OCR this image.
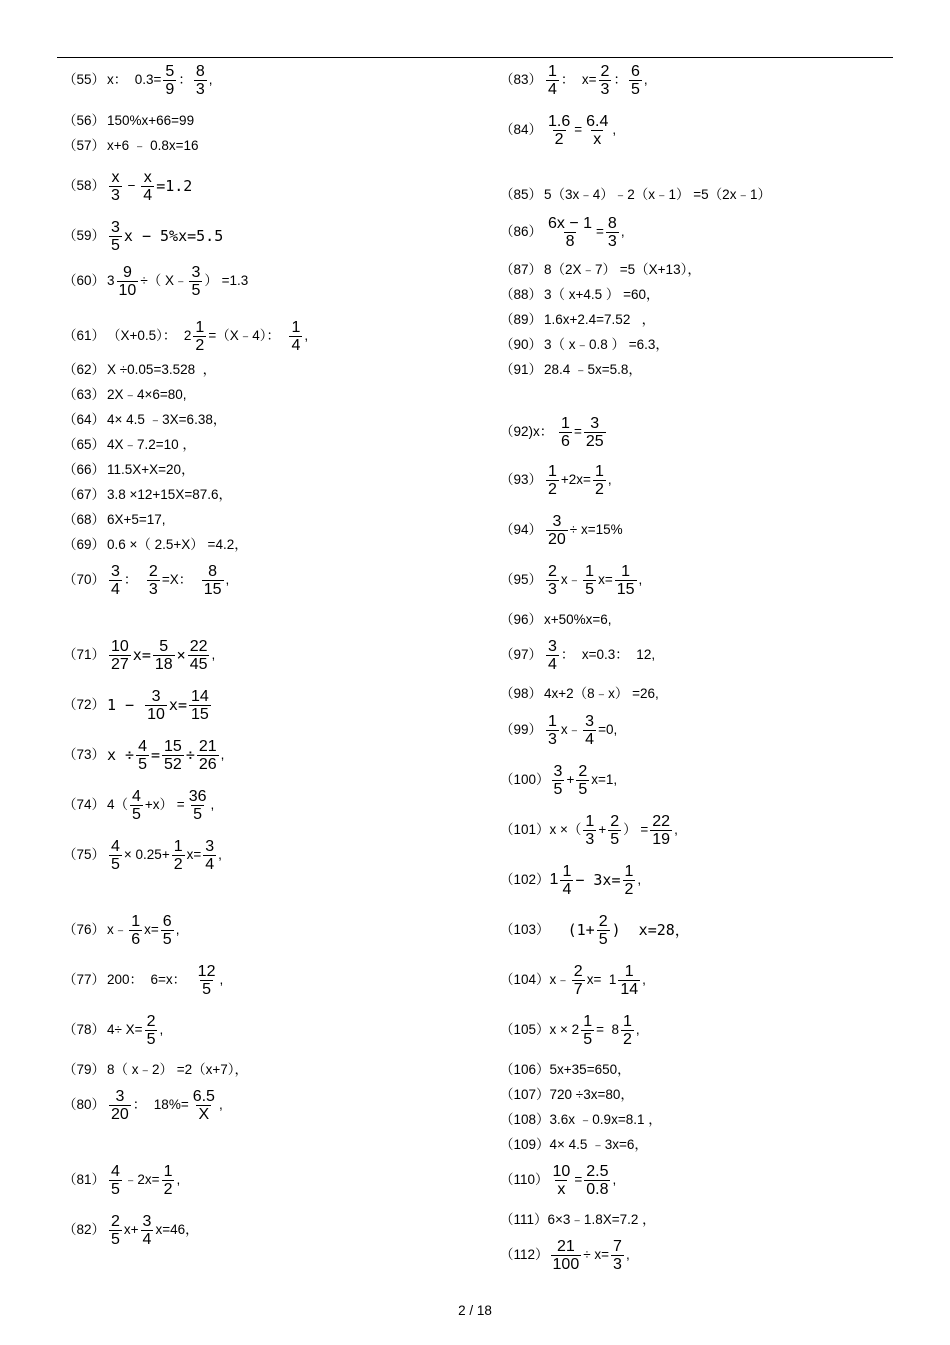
（55） x：  $0.3= \frac{5}{9}$ ： $\frac{8}{3}$ ,
（56） 150%x+66=99
（57） x+6 ﹣ 0.8x=16
$(58) \frac{x}{3} - \frac{x}{4} =1.2$
$(59) \frac{3}{5}$ x − 5%x=5.5
（60） $3 \frac{9}{10}$ ÷（ X﹣ $\frac{3}{5}$ ） =1.3
（61） （X+0.5）：  $2 \frac{1}{2}$ =（X﹣4）： $\frac{1}{4}$ ,
（62） X ÷0.05=3.528  ，
（63） 2X﹣4×6=80,
（64） 4× 4.5 ﹣3X=6.38，
（65） 4X﹣7.2=10 ，
（66） 11.5X+X=20，
（67） 3.8 ×12+15X=87.6，
（68） 6X+5=17,
（69） 0.6 ×（ 2.5+X） =4.2，
$(70) \frac{3}{4}$ ： $\frac{2}{3} =X$： $\frac{8}{15}$ ,
$(71) \frac{10}{27} x= \frac{5}{18} \times \frac{22}{45}$ ,
（72） $1 - \frac{3}{10} x= \frac{14}{15}$
（73） $x \div \frac{4}{5} = \frac{15}{52} \div \frac{21}{26}$ ,
（74） $4( \frac{4}{5} +x) = \frac{36}{5}$ ,
$(75) \frac{4}{5} \times 0.25+ \frac{1}{2} x= \frac{3}{4}$ ,
（76） x﹣ $\frac{1}{6} x= \frac{6}{5}$ ,
（77） 200：  6=x： $\frac{12}{5}$ ,
（78） $4\div X= \frac{2}{5}$ ,
（79） 8（ x﹣2） =2（x+7），
$(80) \frac{3}{20}$ ：  $18\%= \frac{6.5}{X}$ ,
$(81) \frac{4}{5}$ ﹣2x= $\frac{1}{2}$ ,
$(82) \frac{2}{5} x+ \frac{3}{4} x=46$，
$(83) \frac{1}{4}$ ：  $x= \frac{2}{3}$ ： $\frac{6}{5}$ ,
$(84) \frac{1.6}{2} = \frac{6.4}{x}$ ,
（85） 5（3x﹣4）﹣2（x﹣1） =5（2x﹣1）
$(86) \frac{6x - 1}{8} = \frac{8}{3}$ ,
（87） 8（2X﹣7） =5（X+13），
（88） 3（ x+4.5 ） =60，
（89） 1.6x+2.4=7.52   ，
（90） 3（ x﹣0.8 ） =6.3，
（91） 28.4 ﹣5x=5.8，
（92)x：
$\frac{1}{6} = \frac{3}{25}$
$(93) \frac{1}{2} +2x= \frac{1}{2}$ ,
$(94) \frac{3}{20} \div x=15\%$
$(95) \frac{2}{3}$ x﹣ $\frac{1}{5} x= \frac{1}{15}$ ,
（96） x+50%x=6,
$(97) \frac{3}{4}$ ：  x=0.3：  12,
（98） 4x+2（8﹣x） =26,
$(99) \frac{1}{3}$ x﹣ $\frac{3}{4} =0$,
$(100) \frac{3}{5} + \frac{2}{5} x=1$,
（101） x ×（ $\frac{1}{3} + \frac{2}{5}$ ） = $\frac{22}{19}$ ,
（102） $1 \frac{1}{4} - 3x= \frac{1}{2}$ ,
（103） ($1+ \frac{2}{5}$ )  x=28，
（104） x﹣ $\frac{2}{7} x= 1 \frac{1}{14}$ ,
（105） $x \times 2 \frac{1}{5} = 8 \frac{1}{2}$ ,
（106） 5x+35=650，
（107） 720 ÷3x=80，
（108） 3.6x ﹣0.9x=8.1 ，
（109） 4× 4.5 ﹣3x=6，
$(110) \frac{10}{x} = \frac{2.5}{0.8}$ ,
（111） 6×3﹣1.8X=7.2 ，
$(112) \frac{21}{100} \div x= \frac{7}{3}$ ,
2 / 18
